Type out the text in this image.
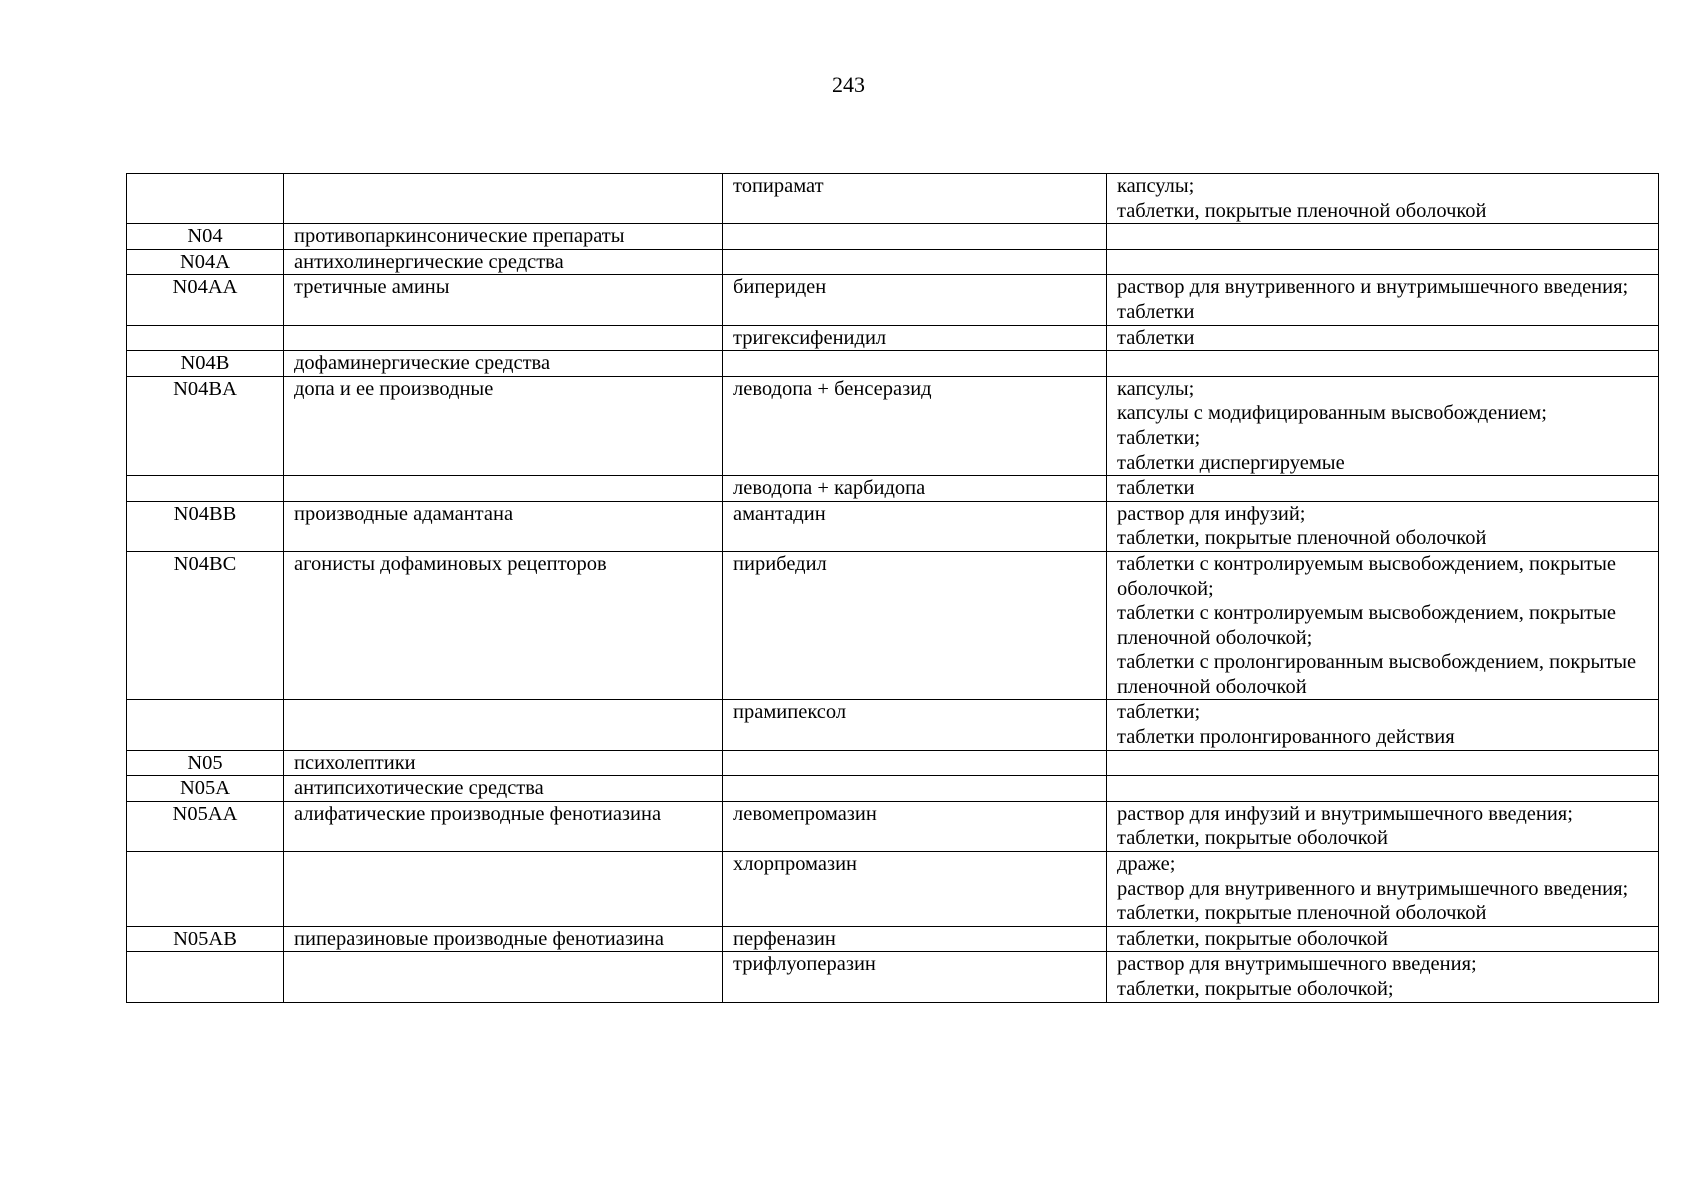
243
		топирамат	капсулы;
таблетки, покрытые пленочной оболочкой
N04	противопаркинсонические препараты		
N04A	антихолинергические средства		
N04AA	третичные амины	бипериден	раствор для внутривенного и внутримышечного введения;
таблетки
		тригексифенидил	таблетки
N04B	дофаминергические средства		
N04BA	допа и ее производные	леводопа + бенсеразид	капсулы;
капсулы с модифицированным высвобождением;
таблетки;
таблетки диспергируемые
		леводопа + карбидопа	таблетки
N04BB	производные адамантана	амантадин	раствор для инфузий;
таблетки, покрытые пленочной оболочкой
N04BC	агонисты дофаминовых рецепторов	пирибедил	таблетки с контролируемым высвобождением, покрытые оболочкой;
таблетки с контролируемым высвобождением, покрытые пленочной оболочкой;
таблетки с пролонгированным высвобождением, покрытые пленочной оболочкой
		прамипексол	таблетки;
таблетки пролонгированного действия
N05	психолептики		
N05A	антипсихотические средства		
N05AA	алифатические производные фенотиазина	левомепромазин	раствор для инфузий и внутримышечного введения;
таблетки, покрытые оболочкой
		хлорпромазин	драже;
раствор для внутривенного и внутримышечного введения;
таблетки, покрытые пленочной оболочкой
N05AB	пиперазиновые производные фенотиазина	перфеназин	таблетки, покрытые оболочкой
		трифлуоперазин	раствор для внутримышечного введения;
таблетки, покрытые оболочкой;
